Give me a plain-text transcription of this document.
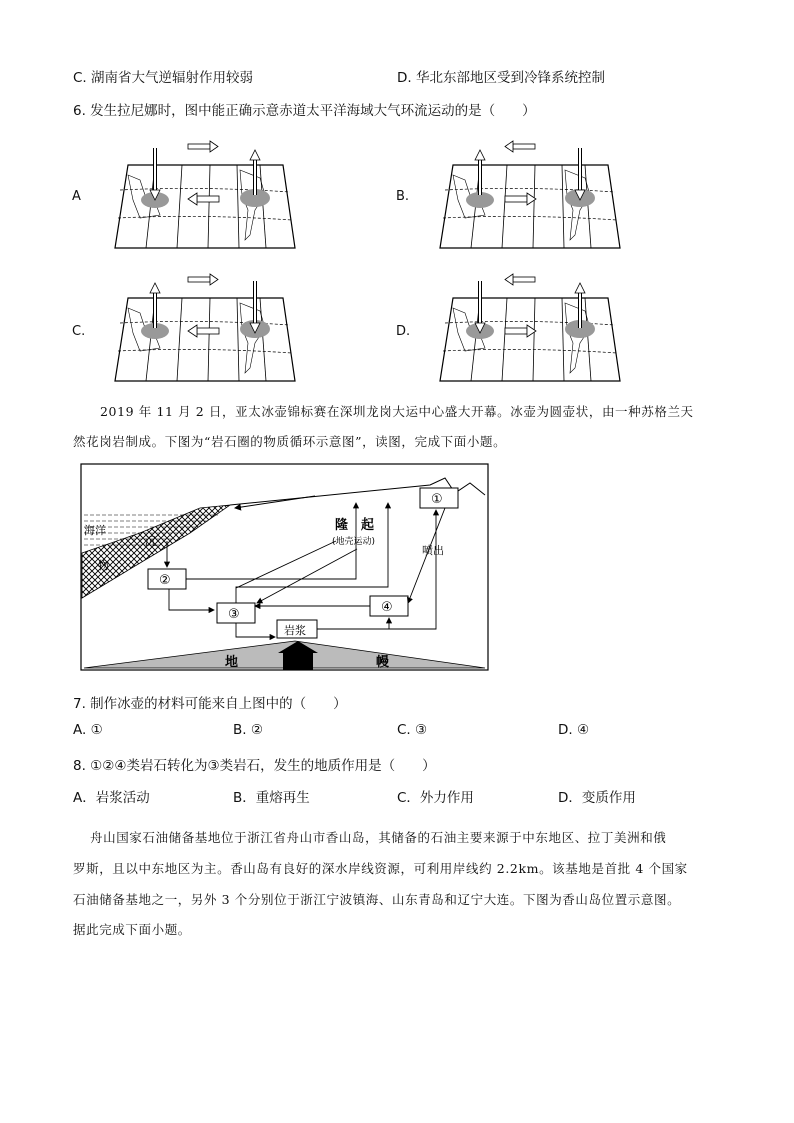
C. 湖南省大气逆辐射作用较弱	D. 华北东部地区受到冷锋系统控制
6. 发生拉尼娜时，图中能正确示意赤道太平洋海域大气环流运动的是（　　）
A	B.
C.	D.
2019 年 11 月 2 日，亚太冰壶锦标赛在深圳龙岗大运中心盛大开幕。冰壶为圆壶状，由一种苏格兰天
然花岗岩制成。下图为“岩石圈的物质循环示意图”，读图，完成下面小题。
海洋
沉
物
②
③	④
①
岩浆
隆　起
(地壳运动)
喷出
地	幔
7. 制作冰壶的材料可能来自上图中的（　　）
A. ①	B. ②	C. ③	D. ④
8. ①②④类岩石转化为③类岩石，发生的地质作用是（　　）
A．岩浆活动	B．重熔再生	C．外力作用	D．变质作用
舟山国家石油储备基地位于浙江省舟山市香山岛，其储备的石油主要来源于中东地区、拉丁美洲和俄
罗斯，且以中东地区为主。香山岛有良好的深水岸线资源，可利用岸线约 2.2km。该基地是首批 4 个国家
石油储备基地之一，另外 3 个分别位于浙江宁波镇海、山东青岛和辽宁大连。下图为香山岛位置示意图。
据此完成下面小题。
